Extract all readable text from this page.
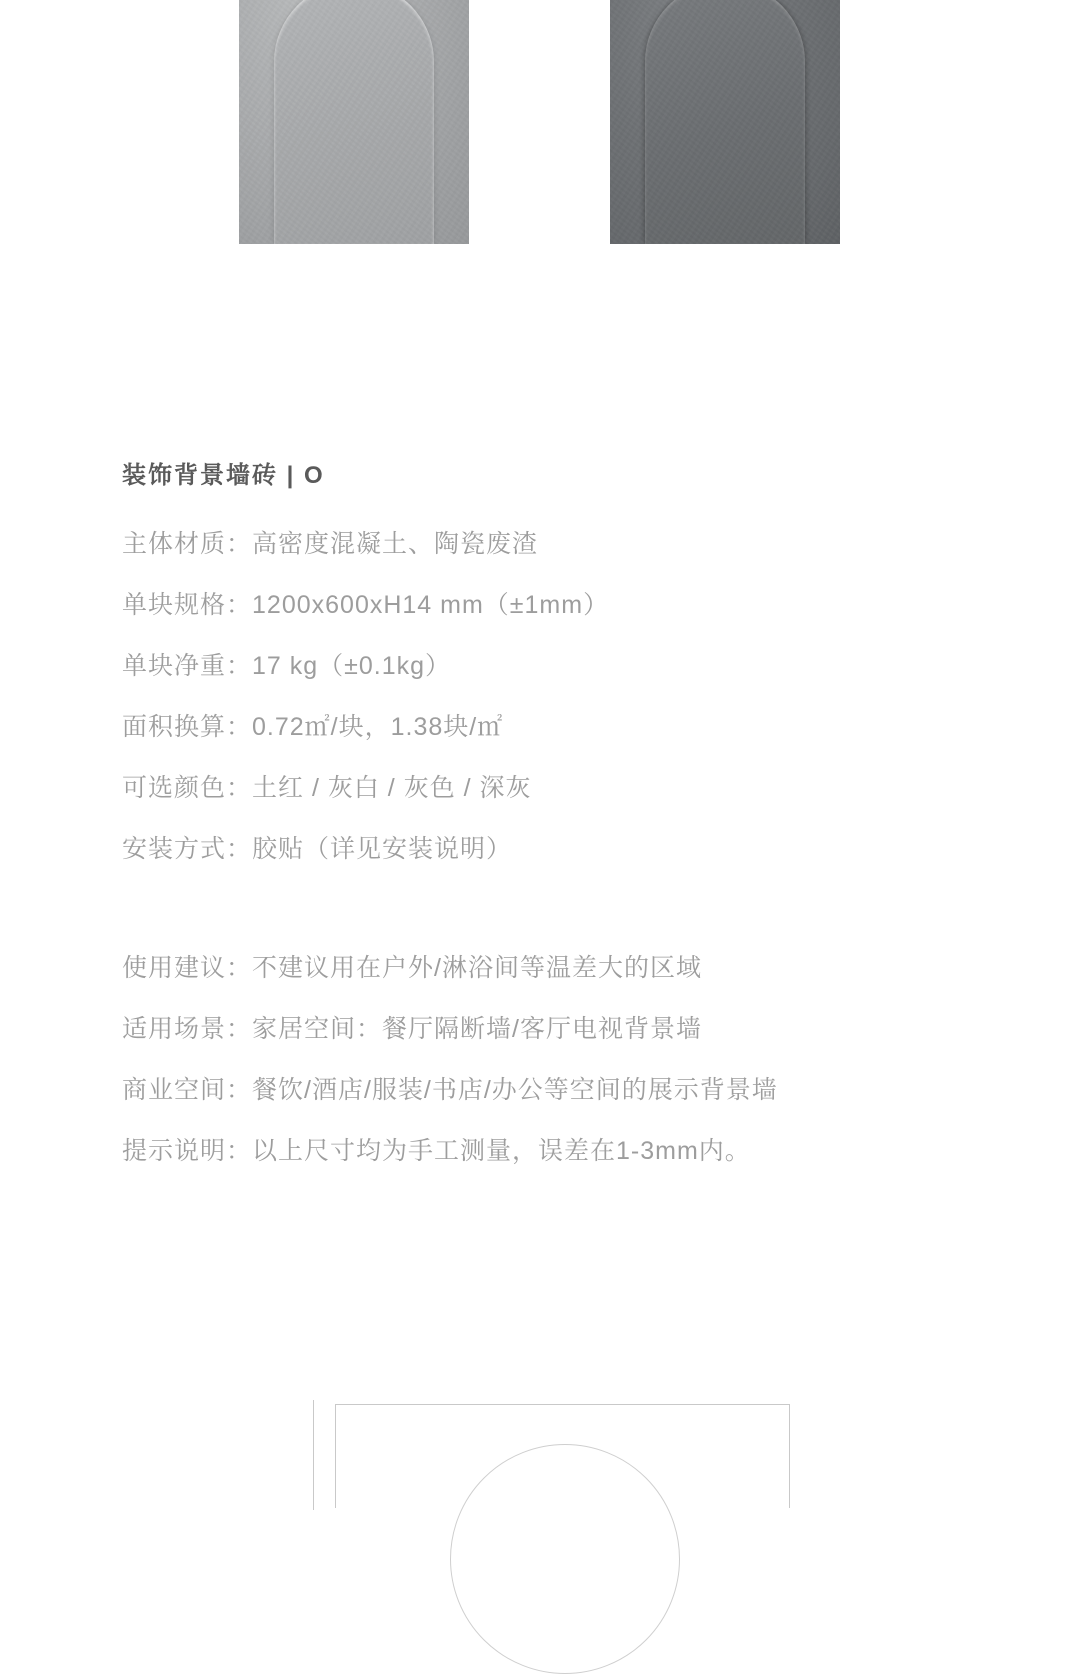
装饰背景墙砖 | O
主体材质：高密度混凝土、陶瓷废渣
单块规格：1200x600xH14 mm（±1mm）
单块净重：17 kg（±0.1kg）
面积换算：0.72㎡/块，1.38块/㎡
可选颜色：土红 / 灰白 / 灰色 / 深灰
安装方式：胶贴（详见安装说明）
使用建议：不建议用在户外/淋浴间等温差大的区域
适用场景：家居空间：餐厅隔断墙/客厅电视背景墙
商业空间：餐饮/酒店/服装/书店/办公等空间的展示背景墙
提示说明：以上尺寸均为手工测量，误差在1-3mm内。
